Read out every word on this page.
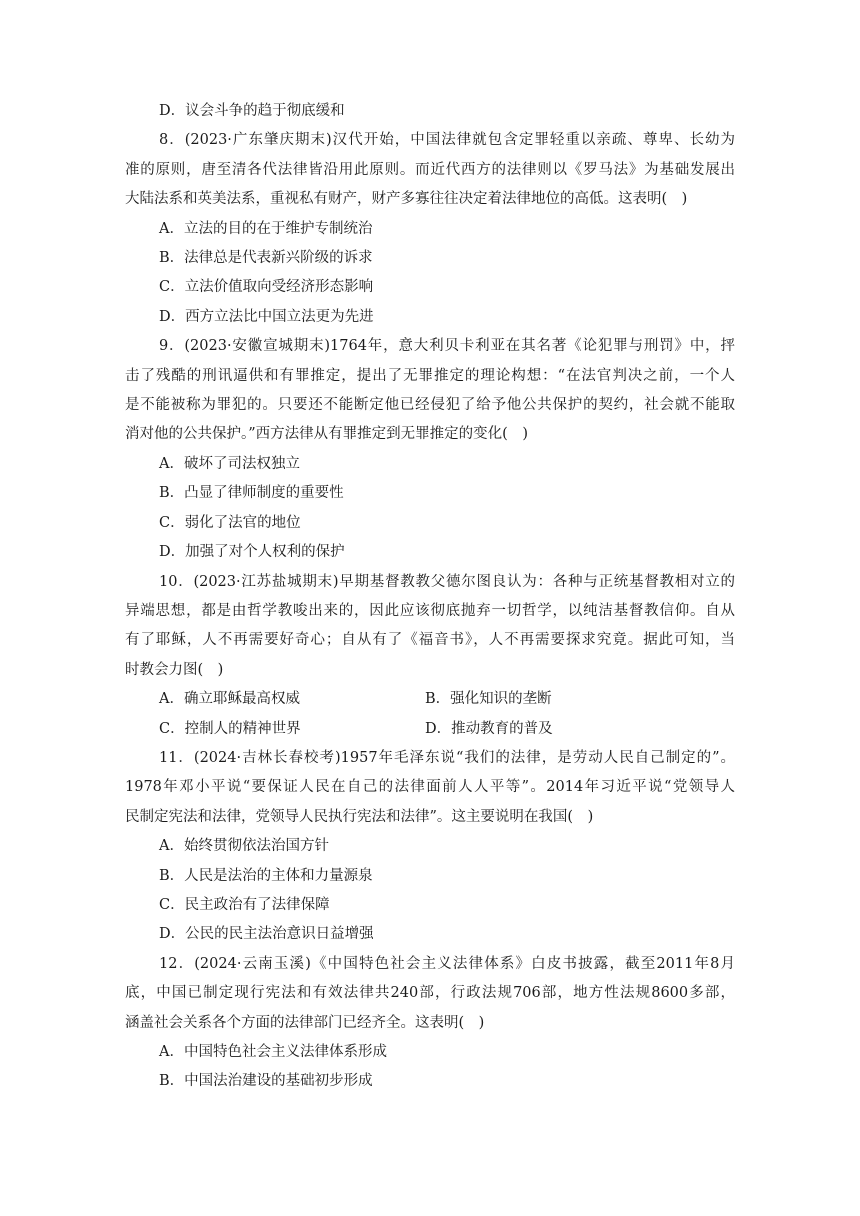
D．议会斗争的趋于彻底缓和
8．(2023·广东肇庆期末)汉代开始，中国法律就包含定罪轻重以亲疏、尊卑、长幼为
准的原则，唐至清各代法律皆沿用此原则。而近代西方的法律则以《罗马法》为基础发展出
大陆法系和英美法系，重视私有财产，财产多寡往往决定着法律地位的高低。这表明(　)
A．立法的目的在于维护专制统治
B．法律总是代表新兴阶级的诉求
C．立法价值取向受经济形态影响
D．西方立法比中国立法更为先进
9．(2023·安徽宣城期末)1764年，意大利贝卡利亚在其名著《论犯罪与刑罚》中，抨
击了残酷的刑讯逼供和有罪推定，提出了无罪推定的理论构想：“在法官判决之前，一个人
是不能被称为罪犯的。只要还不能断定他已经侵犯了给予他公共保护的契约，社会就不能取
消对他的公共保护。”西方法律从有罪推定到无罪推定的变化(　)
A．破坏了司法权独立
B．凸显了律师制度的重要性
C．弱化了法官的地位
D．加强了对个人权利的保护
10．(2023·江苏盐城期末)早期基督教教父德尔图良认为：各种与正统基督教相对立的
异端思想，都是由哲学教唆出来的，因此应该彻底抛弃一切哲学，以纯洁基督教信仰。自从
有了耶稣，人不再需要好奇心；自从有了《福音书》，人不再需要探求究竟。据此可知，当
时教会力图(　)
A．确立耶稣最高权威	B．强化知识的垄断
C．控制人的精神世界	D．推动教育的普及
11．(2024·吉林长春校考)1957年毛泽东说“我们的法律，是劳动人民自己制定的”。
1978年邓小平说“要保证人民在自己的法律面前人人平等”。2014年习近平说“党领导人
民制定宪法和法律，党领导人民执行宪法和法律”。这主要说明在我国(　)
A．始终贯彻依法治国方针
B．人民是法治的主体和力量源泉
C．民主政治有了法律保障
D．公民的民主法治意识日益增强
12．(2024·云南玉溪)《中国特色社会主义法律体系》白皮书披露，截至2011年8月
底，中国已制定现行宪法和有效法律共240部，行政法规706部，地方性法规8600多部，
涵盖社会关系各个方面的法律部门已经齐全。这表明(　)
A．中国特色社会主义法律体系形成
B．中国法治建设的基础初步形成
